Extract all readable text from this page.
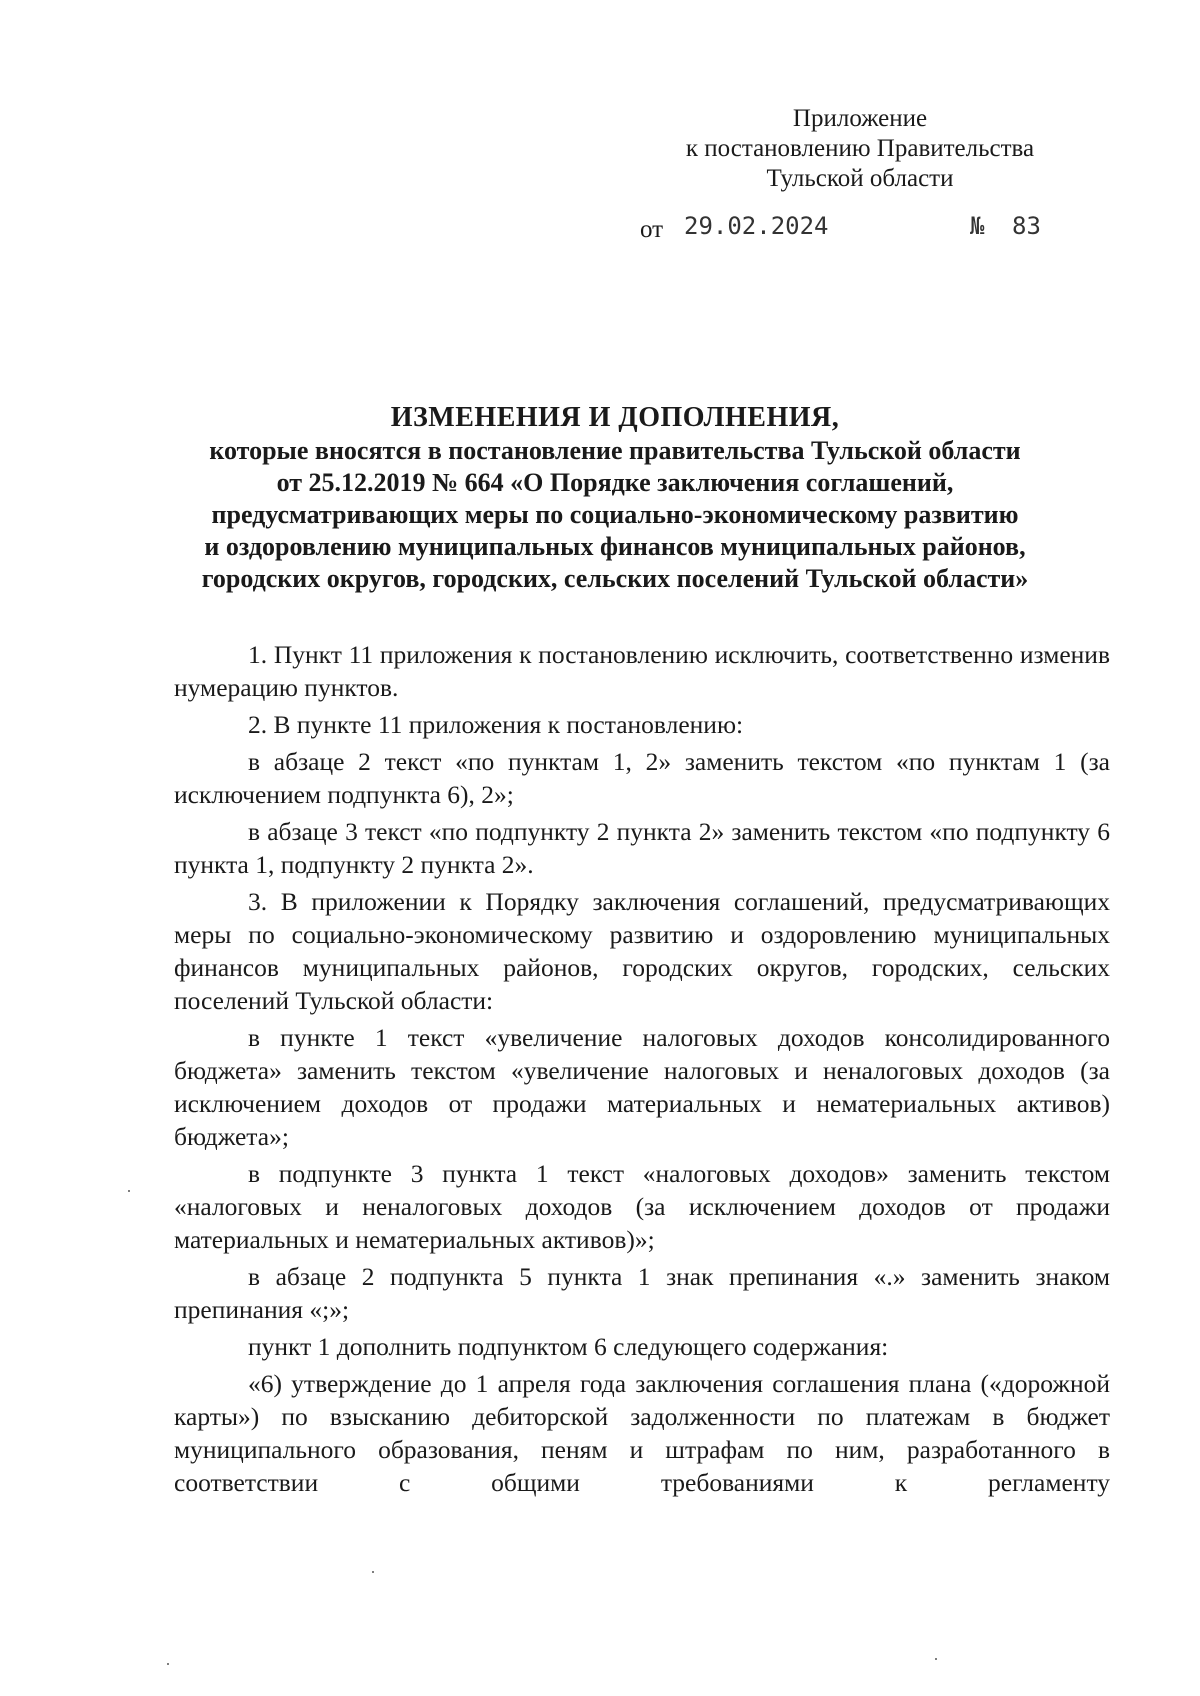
Приложение
к постановлению Правительства
Тульской области
от 29.02.2024	№ 83
ИЗМЕНЕНИЯ И ДОПОЛНЕНИЯ,
которые вносятся в постановление правительства Тульской области
от 25.12.2019 № 664 «О Порядке заключения соглашений,
предусматривающих меры по социально-экономическому развитию
и оздоровлению муниципальных финансов муниципальных районов,
городских округов, городских, сельских поселений Тульской области»

1. Пункт 11 приложения к постановлению исключить, соответственно изменив нумерацию пунктов.

2. В пункте 11 приложения к постановлению:

в абзаце 2 текст «по пунктам 1, 2» заменить текстом «по пунктам 1 (за исключением подпункта 6), 2»;

в абзаце 3 текст «по подпункту 2 пункта 2» заменить текстом «по подпункту 6 пункта 1, подпункту 2 пункта 2».

3. В приложении к Порядку заключения соглашений, предусматривающих меры по социально-экономическому развитию и оздоровлению муниципальных финансов муниципальных районов, городских округов, городских, сельских поселений Тульской области:

в пункте 1 текст «увеличение налоговых доходов консолидированного бюджета» заменить текстом «увеличение налоговых и неналоговых доходов (за исключением доходов от продажи материальных и нематериальных активов) бюджета»;

в подпункте 3 пункта 1 текст «налоговых доходов» заменить текстом «налоговых и неналоговых доходов (за исключением доходов от продажи материальных и нематериальных активов)»;

в абзаце 2 подпункта 5 пункта 1 знак препинания «.» заменить знаком препинания «;»;

пункт 1 дополнить подпунктом 6 следующего содержания:

«6) утверждение до 1 апреля года заключения соглашения плана («дорожной карты») по взысканию дебиторской задолженности по платежам в бюджет муниципального образования, пеням и штрафам по ним, разработанного в соответствии с общими требованиями к регламенту
